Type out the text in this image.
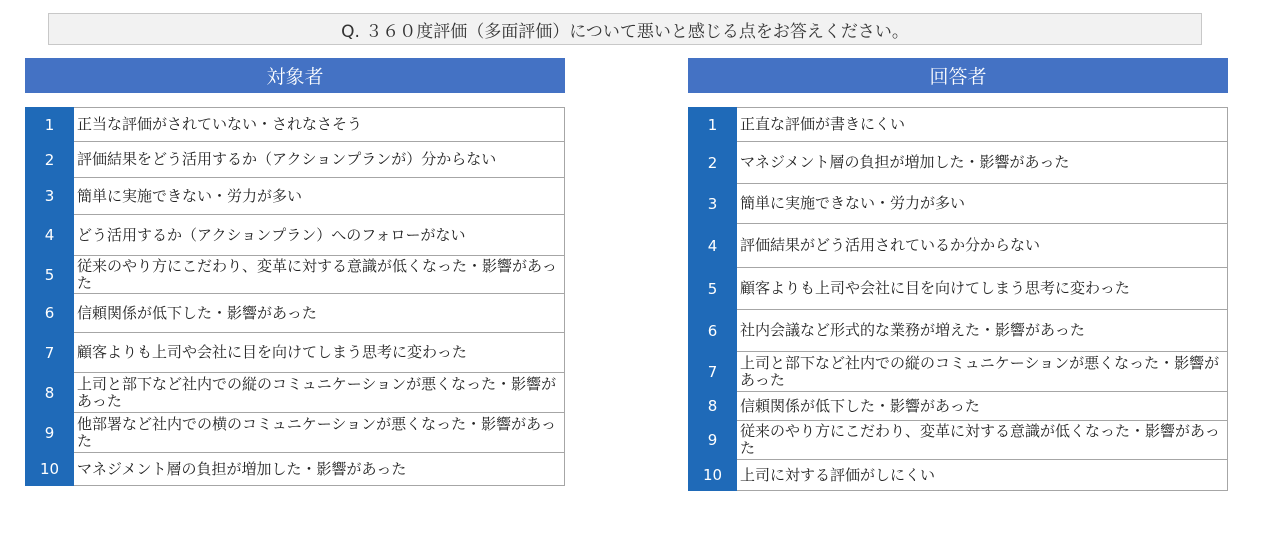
Q. ３６０度評価（多面評価）について悪いと感じる点をお答えください。
対象者
1	正当な評価がされていない・されなさそう
2	評価結果をどう活用するか（アクションプランが）分からない
3	簡単に実施できない・労力が多い
4	どう活用するか（アクションプラン）へのフォローがない
5	従来のやり方にこだわり、変革に対する意識が低くなった・影響があった
6	信頼関係が低下した・影響があった
7	顧客よりも上司や会社に目を向けてしまう思考に変わった
8	上司と部下など社内での縦のコミュニケーションが悪くなった・影響があった
9	他部署など社内での横のコミュニケーションが悪くなった・影響があった
10	マネジメント層の負担が増加した・影響があった
回答者
1	正直な評価が書きにくい
2	マネジメント層の負担が増加した・影響があった
3	簡単に実施できない・労力が多い
4	評価結果がどう活用されているか分からない
5	顧客よりも上司や会社に目を向けてしまう思考に変わった
6	社内会議など形式的な業務が増えた・影響があった
7	上司と部下など社内での縦のコミュニケーションが悪くなった・影響があった
8	信頼関係が低下した・影響があった
9	従来のやり方にこだわり、変革に対する意識が低くなった・影響があった
10	上司に対する評価がしにくい
